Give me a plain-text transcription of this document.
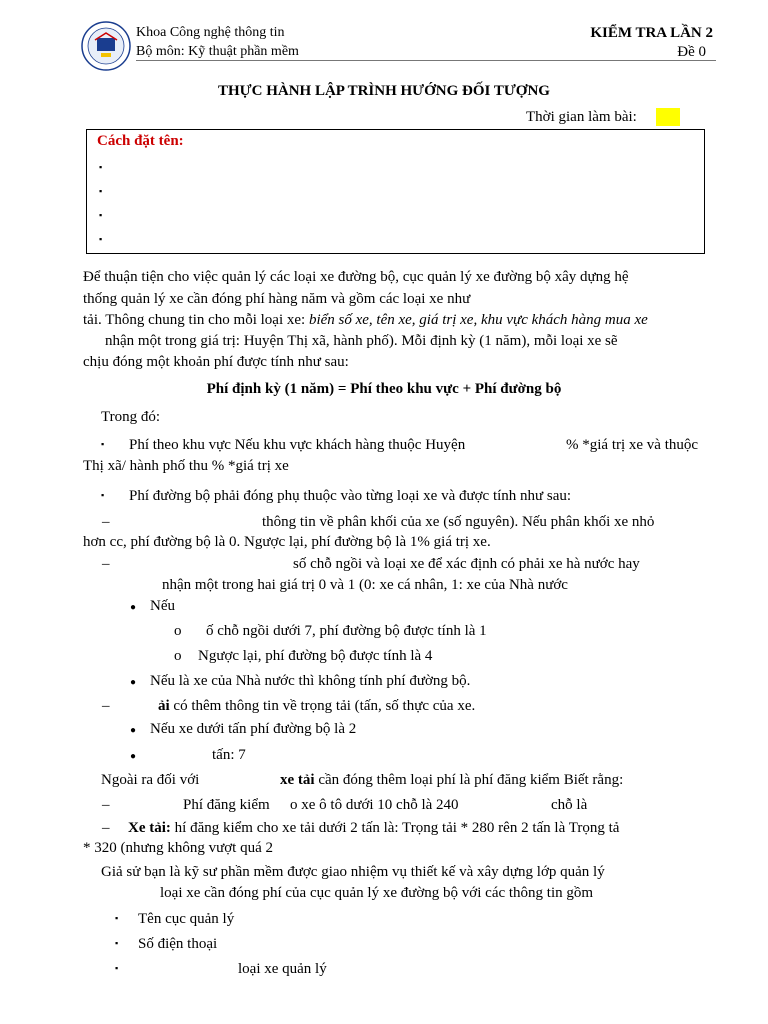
Khoa Công nghệ thông tin
Bộ môn: Kỹ thuật phần mềm
KIỂM TRA LẦN 2
Đề 0
THỰC HÀNH LẬP TRÌNH HƯỚNG ĐỐI TƯỢNG
Thời gian làm bài:
Cách đặt tên:
▪
▪
▪
▪
Để thuận tiện cho việc quản lý các loại xe đường bộ, cục quản lý xe đường bộ xây dựng hệ
thống quản lý xe cần đóng phí hàng năm và gồm các loại xe như
tải. Thông chung tin cho mỗi loại xe: biển số xe, tên xe, giá trị xe, khu vực khách hàng mua xe
nhận một trong giá trị: Huyện Thị xã, hành phố). Mỗi định kỳ (1 năm), mỗi loại xe sẽ
chịu đóng một khoản phí được tính như sau:
Phí định kỳ (1 năm) = Phí theo khu vực + Phí đường bộ
Trong đó:
▪ Phí theo khu vực Nếu khu vực khách hàng thuộc Huyện	% *giá trị xe và thuộc
Thị xã/ hành phố thu % *giá trị xe
▪ Phí đường bộ phải đóng phụ thuộc vào từng loại xe và được tính như sau:
–	thông tin về phân khối của xe (số nguyên). Nếu phân khối xe nhỏ
hơn cc, phí đường bộ là 0. Ngược lại, phí đường bộ là 1% giá trị xe.
–	số chỗ ngồi và loại xe để xác định có phải xe hà nước hay
nhận một trong hai giá trị 0 và 1 (0: xe cá nhân, 1: xe của Nhà nước
● Nếu
o ố chỗ ngồi dưới 7, phí đường bộ được tính là 1
o Ngược lại, phí đường bộ được tính là 4
● Nếu là xe của Nhà nước thì không tính phí đường bộ.
–	ải có thêm thông tin về trọng tải (tấn, số thực của xe.
● Nếu xe dưới tấn phí đường bộ là 2
●	tấn: 7
Ngoài ra đối với	xe tải cần đóng thêm loại phí là phí đăng kiểm Biết rằng:
–	Phí đăng kiểm o xe ô tô dưới 10 chỗ là 240	chỗ là
– Xe tải: hí đăng kiểm cho xe tải dưới 2 tấn là: Trọng tải * 280 rên 2 tấn là Trọng tả
* 320 (nhưng không vượt quá 2
Giả sử bạn là kỹ sư phần mềm được giao nhiệm vụ thiết kế và xây dựng lớp quản lý
loại xe cần đóng phí của cục quản lý xe đường bộ với các thông tin gồm
▪ Tên cục quản lý
▪ Số điện thoại
▪	loại xe quản lý
